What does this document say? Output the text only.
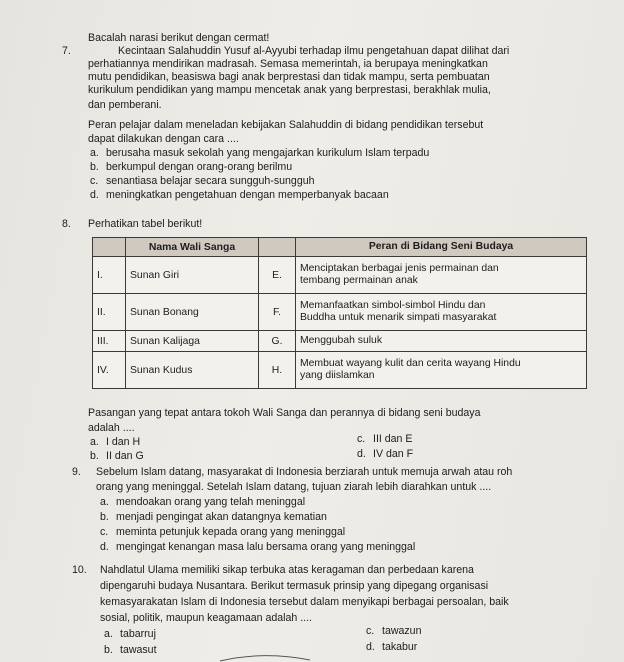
7.
Bacalah narasi berikut dengan cermat!
Kecintaan Salahuddin Yusuf al-Ayyubi terhadap ilmu pengetahuan dapat dilihat dari
perhatiannya mendirikan madrasah. Semasa memerintah, ia berupaya meningkatkan
mutu pendidikan, beasiswa bagi anak berprestasi dan tidak mampu, serta pembuatan
kurikulum pendidikan yang mampu mencetak anak yang berprestasi, berakhlak mulia,
dan pemberani.
Peran pelajar dalam meneladan kebijakan Salahuddin di bidang pendidikan tersebut
dapat dilakukan dengan cara ....
a. berusaha masuk sekolah yang mengajarkan kurikulum Islam terpadu
b. berkumpul dengan orang-orang berilmu
c. senantiasa belajar secara sungguh-sungguh
d. meningkatkan pengetahuan dengan memperbanyak bacaan
8. Perhatikan tabel berikut!
	Nama Wali Sanga		Peran di Bidang Seni Budaya
I.	Sunan Giri	E.	Menciptakan berbagai jenis permainan dan
tembang permainan anak
II.	Sunan Bonang	F.	Memanfaatkan simbol-simbol Hindu dan
Buddha untuk menarik simpati masyarakat
III.	Sunan Kalijaga	G.	Menggubah suluk
IV.	Sunan Kudus	H.	Membuat wayang kulit dan cerita wayang Hindu
yang diislamkan
Pasangan yang tepat antara tokoh Wali Sanga dan perannya di bidang seni budaya
adalah ....
a. I dan H
b. II dan G
c. III dan E
d. IV dan F
9. Sebelum Islam datang, masyarakat di Indonesia berziarah untuk memuja arwah atau roh
orang yang meninggal. Setelah Islam datang, tujuan ziarah lebih diarahkan untuk ....
a. mendoakan orang yang telah meninggal
b. menjadi pengingat akan datangnya kematian
c. meminta petunjuk kepada orang yang meninggal
d. mengingat kenangan masa lalu bersama orang yang meninggal
10. Nahdlatul Ulama memiliki sikap terbuka atas keragaman dan perbedaan karena
dipengaruhi budaya Nusantara. Berikut termasuk prinsip yang dipegang organisasi
kemasyarakatan Islam di Indonesia tersebut dalam menyikapi berbagai persoalan, baik
sosial, politik, maupun keagamaan adalah ....
a. tabarruj
b. tawasut
c. tawazun
d. takabur
